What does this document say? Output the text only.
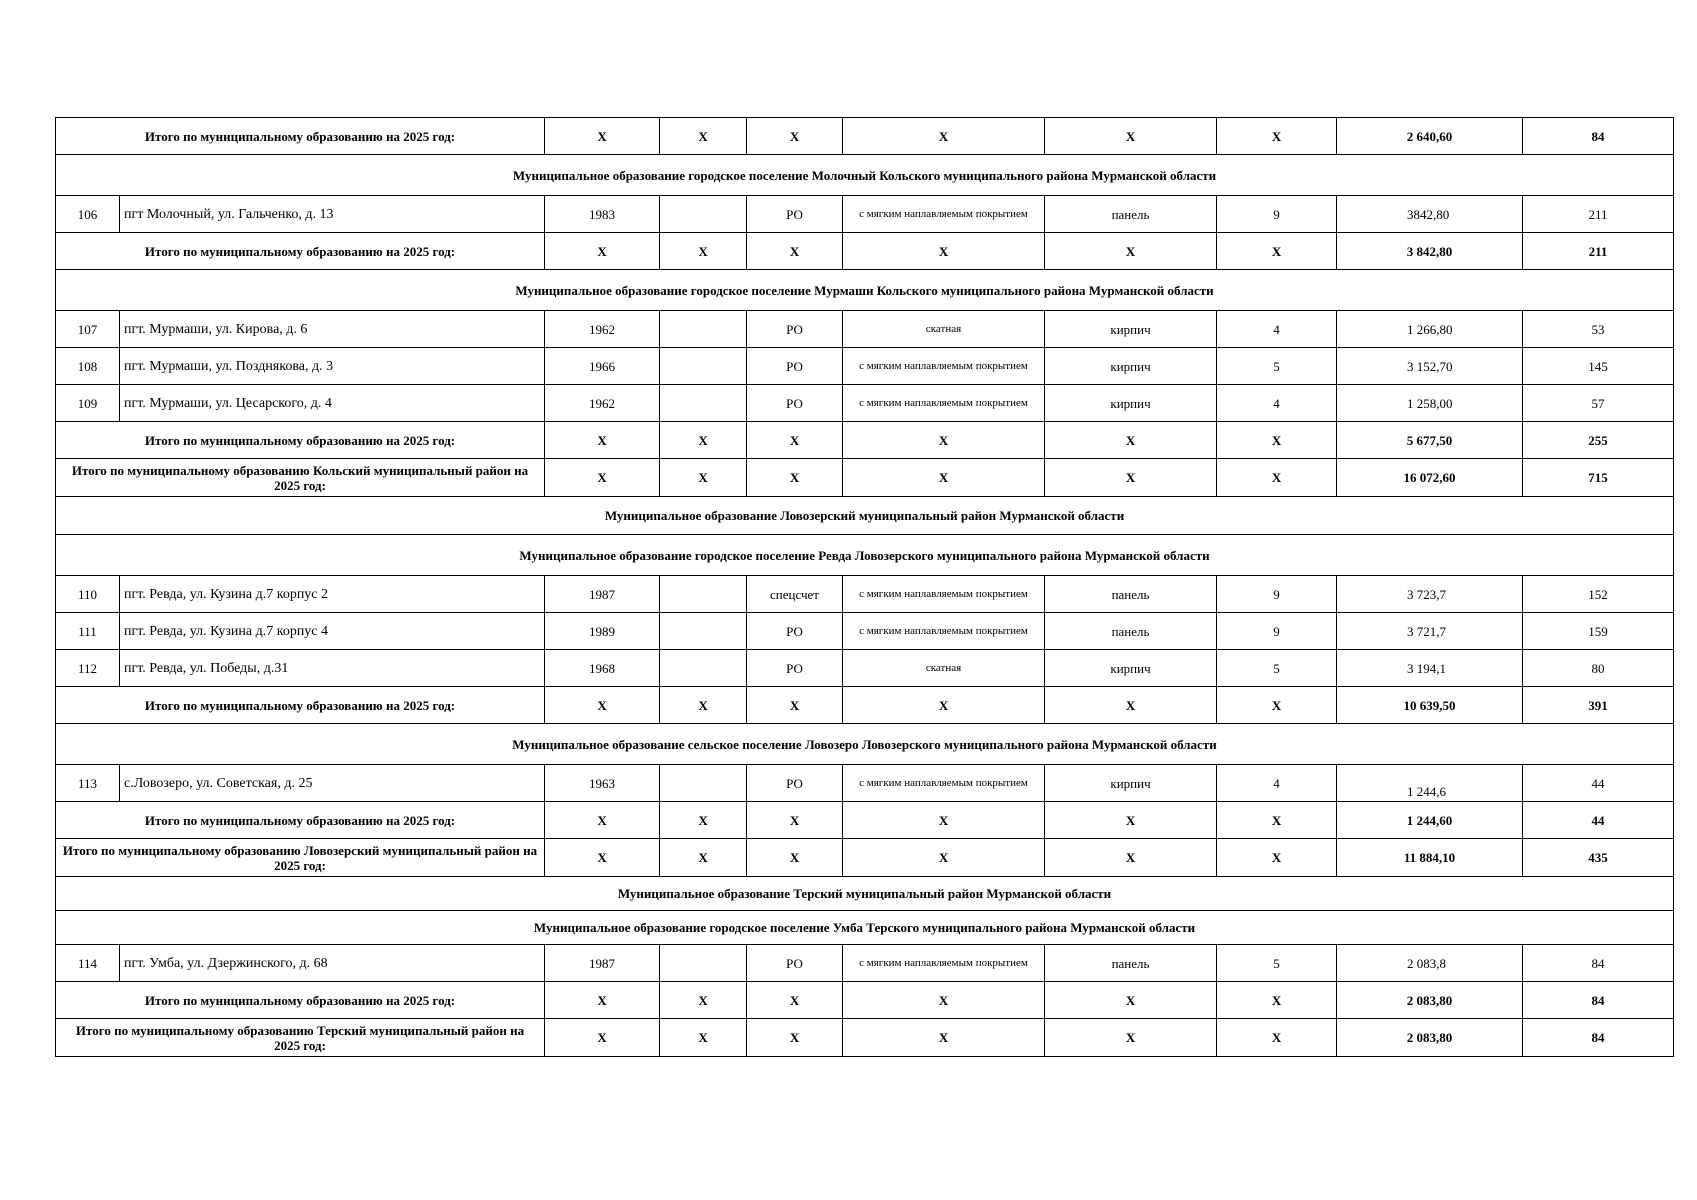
Итого по муниципальному образованию на 2025 год:		X	X	X	X	X	X	2 640,60	84
Муниципальное образование городское поселение Молочный Кольского муниципального района Мурманской области									
106	пгт Молочный, ул. Гальченко, д. 13	1983		РО	с мягким наплавляемым покрытием	панель	9	3842,80	211
Итого по муниципальному образованию на 2025 год:		X	X	X	X	X	X	3 842,80	211
Муниципальное образование городское поселение Мурмаши Кольского муниципального района Мурманской области									
107	пгт. Мурмаши, ул. Кирова, д. 6	1962		РО	скатная	кирпич	4	1 266,80	53
108	пгт. Мурмаши, ул. Позднякова, д. 3	1966		РО	с мягким наплавляемым покрытием	кирпич	5	3 152,70	145
109	пгт. Мурмаши, ул. Цесарского, д. 4	1962		РО	с мягким наплавляемым покрытием	кирпич	4	1 258,00	57
Итого по муниципальному образованию на 2025 год:		X	X	X	X	X	X	5 677,50	255
Итого по муниципальному образованию Кольский муниципальный район на 2025 год:		X	X	X	X	X	X	16 072,60	715
Муниципальное образование Ловозерский муниципальный район Мурманской области									
Муниципальное образование городское поселение Ревда Ловозерского муниципального района Мурманской области									
110	пгт. Ревда, ул. Кузина д.7 корпус 2	1987		спецсчет	с мягким наплавляемым покрытием	панель	9	3 723,7	152
111	пгт. Ревда, ул. Кузина д.7 корпус 4	1989		РО	с мягким наплавляемым покрытием	панель	9	3 721,7	159
112	пгт. Ревда, ул. Победы, д.31	1968		РО	скатная	кирпич	5	3 194,1	80
Итого по муниципальному образованию на 2025 год:		X	X	X	X	X	X	10 639,50	391
Муниципальное образование сельское поселение Ловозеро Ловозерского муниципального района Мурманской области									
113	с.Ловозеро, ул. Советская, д. 25	1963		РО	с мягким наплавляемым покрытием	кирпич	4	1 244,6	44
Итого по муниципальному образованию на 2025 год:		X	X	X	X	X	X	1 244,60	44
Итого по муниципальному образованию Ловозерский муниципальный район на 2025 год:		X	X	X	X	X	X	11 884,10	435
Муниципальное образование Терский муниципальный район Мурманской области									
Муниципальное образование городское поселение Умба Терского муниципального района Мурманской области									
114	пгт. Умба, ул. Дзержинского, д. 68	1987		РО	с мягким наплавляемым покрытием	панель	5	2 083,8	84
Итого по муниципальному образованию на 2025 год:		X	X	X	X	X	X	2 083,80	84
Итого по муниципальному образованию Терский муниципальный район на 2025 год:		X	X	X	X	X	X	2 083,80	84
